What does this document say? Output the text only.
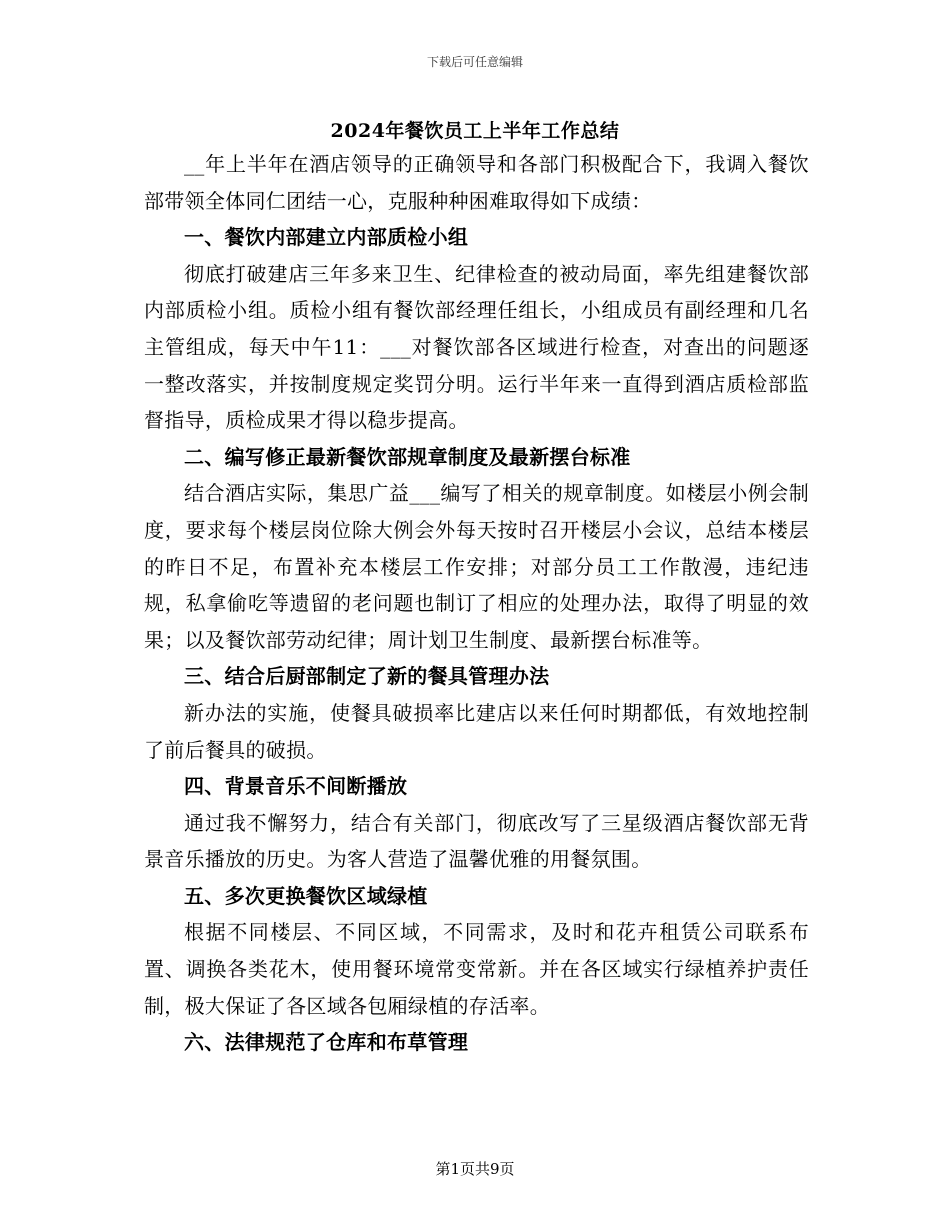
下载后可任意编辑
2024年餐饮员工上半年工作总结

__年上半年在酒店领导的正确领导和各部门积极配合下，我调入餐饮部带领全体同仁团结一心，克服种种困难取得如下成绩：

一、餐饮内部建立内部质检小组

彻底打破建店三年多来卫生、纪律检查的被动局面，率先组建餐饮部内部质检小组。质检小组有餐饮部经理任组长，小组成员有副经理和几名主管组成，每天中午11：___对餐饮部各区域进行检查，对查出的问题逐一整改落实，并按制度规定奖罚分明。运行半年来一直得到酒店质检部监督指导，质检成果才得以稳步提高。

二、编写修正最新餐饮部规章制度及最新摆台标准

结合酒店实际，集思广益___编写了相关的规章制度。如楼层小例会制度，要求每个楼层岗位除大例会外每天按时召开楼层小会议，总结本楼层的昨日不足，布置补充本楼层工作安排；对部分员工工作散漫，违纪违规，私拿偷吃等遗留的老问题也制订了相应的处理办法，取得了明显的效果；以及餐饮部劳动纪律；周计划卫生制度、最新摆台标准等。

三、结合后厨部制定了新的餐具管理办法

新办法的实施，使餐具破损率比建店以来任何时期都低，有效地控制了前后餐具的破损。

四、背景音乐不间断播放

通过我不懈努力，结合有关部门，彻底改写了三星级酒店餐饮部无背景音乐播放的历史。为客人营造了温馨优雅的用餐氛围。

五、多次更换餐饮区域绿植

根据不同楼层、不同区域，不同需求，及时和花卉租赁公司联系布置、调换各类花木，使用餐环境常变常新。并在各区域实行绿植养护责任制，极大保证了各区域各包厢绿植的存活率。

六、法律规范了仓库和布草管理
第1页共9页
